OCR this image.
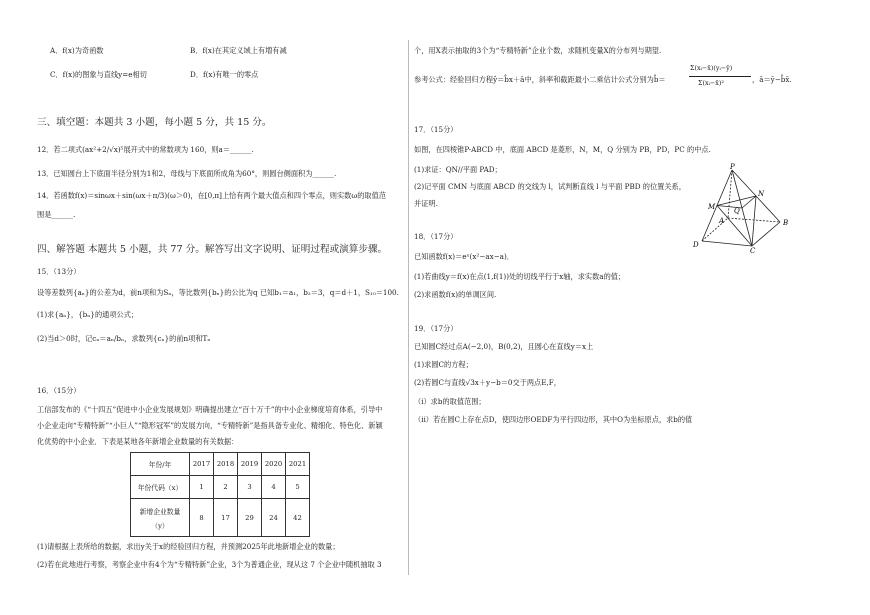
A．f(x)为奇函数	B．f(x)在其定义域上有増有减
C．f(x)的图象与直线y=e相切	D．f(x)有唯一的零点
三、填空题：本题共 3 小题，每小题 5 分，共 15 分。
12．若二项式(ax²+2/√x)⁵展开式中的常数项为 160，则a＝______.
13．已知圆台上下底面半径分别为1和2，母线与下底面所成角为60°，则圆台侧面积为______.
14．若函数f(x)＝sinωx＋sin(ωx＋π/3)(ω＞0)，在[0,π]上恰有两个最大值点和四个零点，则实数ω的取值范
围是______.
四、解答题 本题共 5 小题，共 77 分。解答写出文字说明、证明过程或演算步骤。
15．（13分）
设等差数列{aₙ}的公差为d，前n项和为Sₙ，等比数列{bₙ}的公比为q 已知b₁＝a₁，b₂＝3，q＝d＋1，S₁₀＝100.
(1)求{aₙ}，{bₙ}的通项公式；
(2)当d＞0时，记cₙ＝aₙ/bₙ，求数列{cₙ}的前n项和Tₙ
16．（15分）
工信部发布的《“十四五”促进中小企业发展规划》明确提出建立“百十万千”的中小企业梯度培育体系，引导中
小企业走向“专精特新”“小巨人”“隐形冠军”的发展方向，“专精特新”是指具备专业化、精细化、特色化、新颖
化优势的中小企业．下表是某地各年新增企业数量的有关数据：
年份/年	2017	2018	2019	2020	2021
年份代码（x）	1	2	3	4	5

新增企业数量
（y）	8	17	29	24	42
(1)请根据上表所给的数据，求出y关于x的经验回归方程，并预测2025年此地新增企业的数量；
(2)若在此地进行考察，考察企业中有4个为“专精特新”企业，3个为普通企业，现从这 7 个企业中随机抽取 3
个，用X表示抽取的3个为“专精特新”企业个数，求随机变量X的分布列与期望.
参考公式：经验回归方程ŷ＝b̂x＋â中，斜率和截距最小二乘估计公式分别为b̂＝
Σ(xᵢ−x̄)(yᵢ−ȳ)
Σ(xᵢ−x̄)²	，â＝ȳ−b̂x̄.
17．（15分）
如图，在四棱锥P-ABCD 中，底面 ABCD 是菱形，N，M，Q 分别为 PB，PD，PC 的中点.
(1)求证：QN//平面 PAD；
(2)记平面 CMN 与底面 ABCD 的交线为 l，试判断直线 l 与平面 PBD 的位置关系，
并证明.
P
N
M	Q
A	B
C
D
18．（17分）
已知函数f(x)＝eˣ(x²−ax−a)．
(1)若曲线y＝f(x)在点(1,f(1))处的切线平行于x轴，求实数a的值；
(2)求函数f(x)的单调区间.
19．（17分）
已知圆C经过点A(−2,0)，B(0,2)，且圆心在直线y＝x上
(1)求圆C的方程；
(2)若圆C与直线√3x＋y−b＝0交于两点E,F，
（ⅰ）求b的取值范围；
（ⅱ）若在圆C上存在点D，使四边形OEDF为平行四边形，其中O为坐标原点，求b的值
